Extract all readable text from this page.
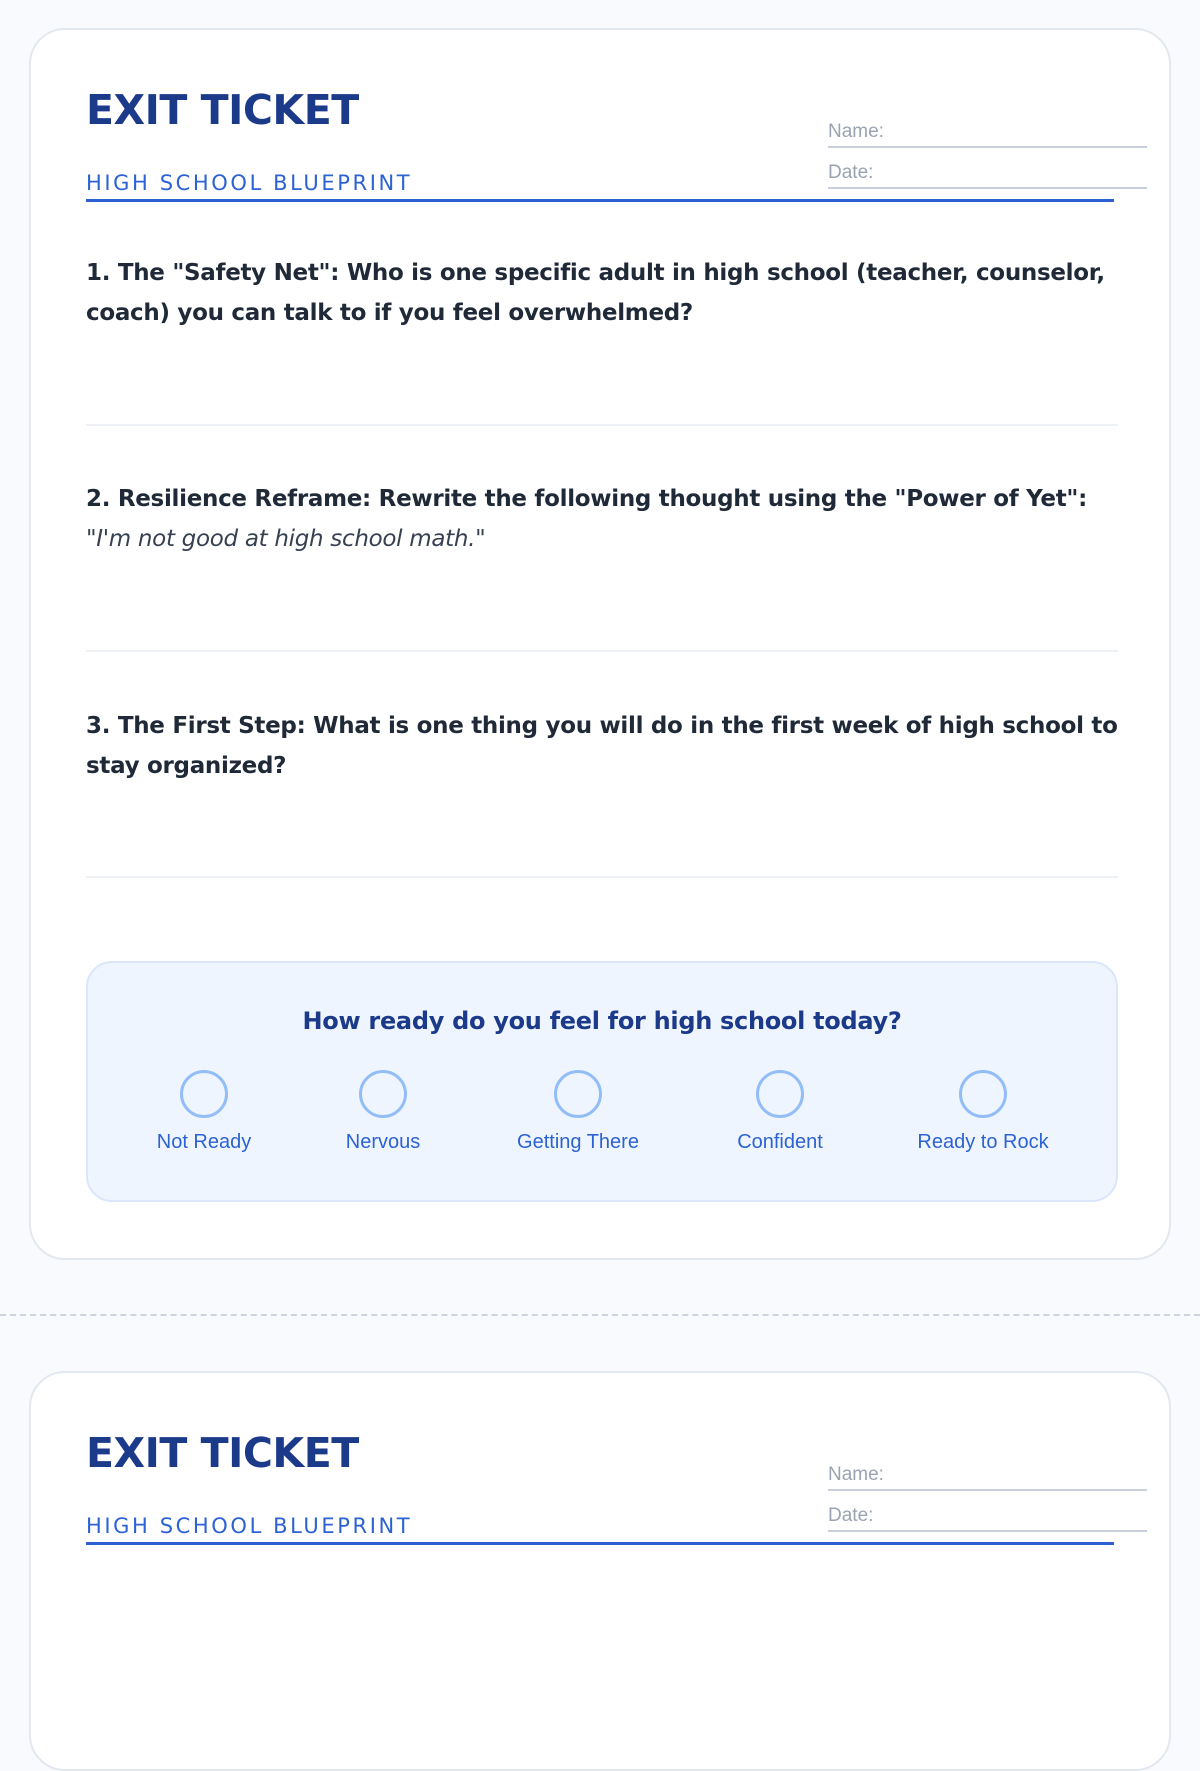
EXIT TICKET
HIGH SCHOOL BLUEPRINT
Name:
Date:
1. The "Safety Net": Who is one specific adult in high school (teacher, counselor, coach) you can talk to if you feel overwhelmed?
2. Resilience Reframe: Rewrite the following thought using the "Power of Yet":
"I'm not good at high school math."
3. The First Step: What is one thing you will do in the first week of high school to stay organized?
How ready do you feel for high school today?
Not Ready	Nervous	Getting There	Confident	Ready to Rock
EXIT TICKET
HIGH SCHOOL BLUEPRINT
Name:
Date:
